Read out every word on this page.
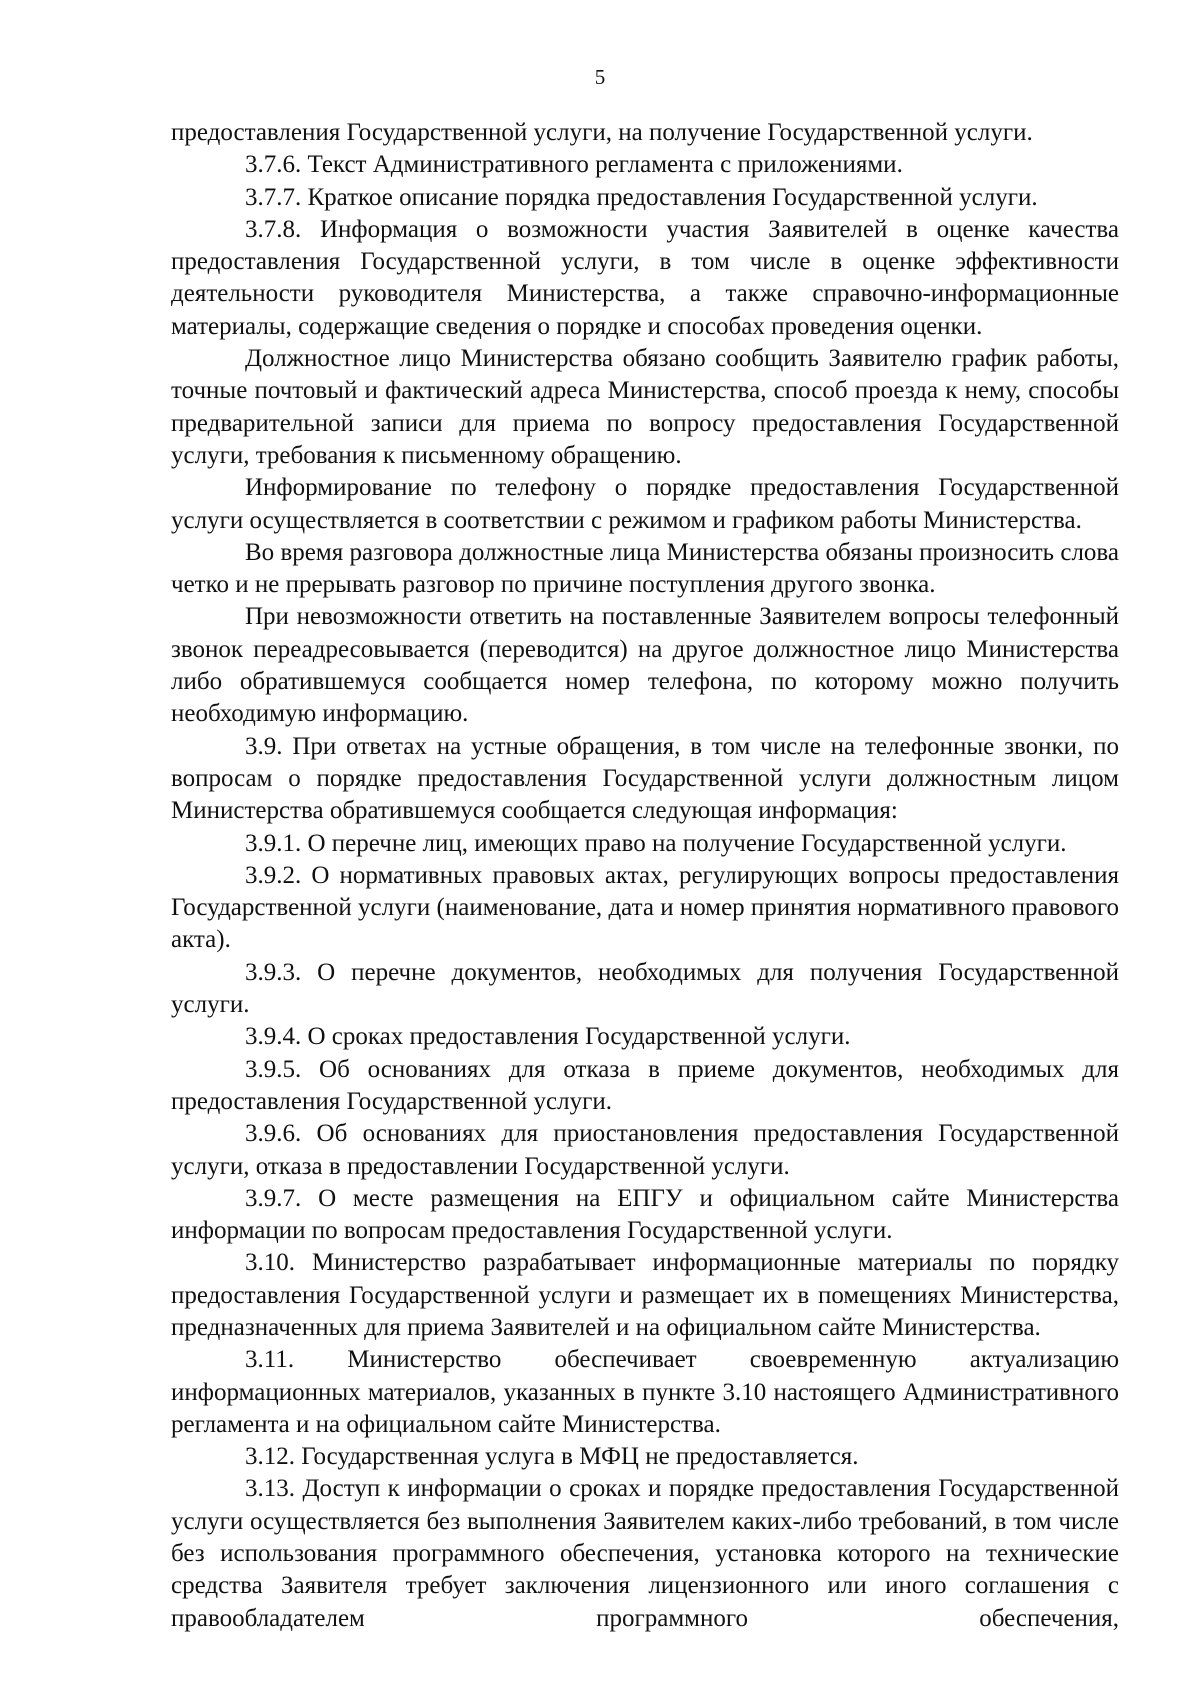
5

предоставления Государственной услуги, на получение Государственной услуги.

3.7.6. Текст Административного регламента с приложениями.

3.7.7. Краткое описание порядка предоставления Государственной услуги.

3.7.8. Информация о возможности участия Заявителей в оценке качества предоставления Государственной услуги, в том числе в оценке эффективности деятельности руководителя Министерства, а также справочно-информационные материалы, содержащие сведения о порядке и способах проведения оценки.

Должностное лицо Министерства обязано сообщить Заявителю график работы, точные почтовый и фактический адреса Министерства, способ проезда к нему, способы предварительной записи для приема по вопросу предоставления Государственной услуги, требования к письменному обращению.

Информирование по телефону о порядке предоставления Государственной услуги осуществляется в соответствии с режимом и графиком работы Министерства.

Во время разговора должностные лица Министерства обязаны произносить слова четко и не прерывать разговор по причине поступления другого звонка.

При невозможности ответить на поставленные Заявителем вопросы телефонный звонок переадресовывается (переводится) на другое должностное лицо Министерства либо обратившемуся сообщается номер телефона, по которому можно получить необходимую информацию.

3.9. При ответах на устные обращения, в том числе на телефонные звонки, по вопросам о порядке предоставления Государственной услуги должностным лицом Министерства обратившемуся сообщается следующая информация:

3.9.1. О перечне лиц, имеющих право на получение Государственной услуги.

3.9.2. О нормативных правовых актах, регулирующих вопросы предоставления Государственной услуги (наименование, дата и номер принятия нормативного правового акта).

3.9.3. О перечне документов, необходимых для получения Государственной услуги.

3.9.4. О сроках предоставления Государственной услуги.

3.9.5. Об основаниях для отказа в приеме документов, необходимых для предоставления Государственной услуги.

3.9.6. Об основаниях для приостановления предоставления Государственной услуги, отказа в предоставлении Государственной услуги.

3.9.7. О месте размещения на ЕПГУ и официальном сайте Министерства информации по вопросам предоставления Государственной услуги.

3.10. Министерство разрабатывает информационные материалы по порядку предоставления Государственной услуги и размещает их в помещениях Министерства, предназначенных для приема Заявителей и на официальном сайте Министерства.

3.11. Министерство обеспечивает своевременную актуализацию информационных материалов, указанных в пункте 3.10 настоящего Административного регламента и на официальном сайте Министерства.

3.12. Государственная услуга в МФЦ не предоставляется.

3.13. Доступ к информации о сроках и порядке предоставления Государственной услуги осуществляется без выполнения Заявителем каких-либо требований, в том числе без использования программного обеспечения, установка которого на технические средства Заявителя требует заключения лицензионного или иного соглашения с правообладателем программного обеспечения,
